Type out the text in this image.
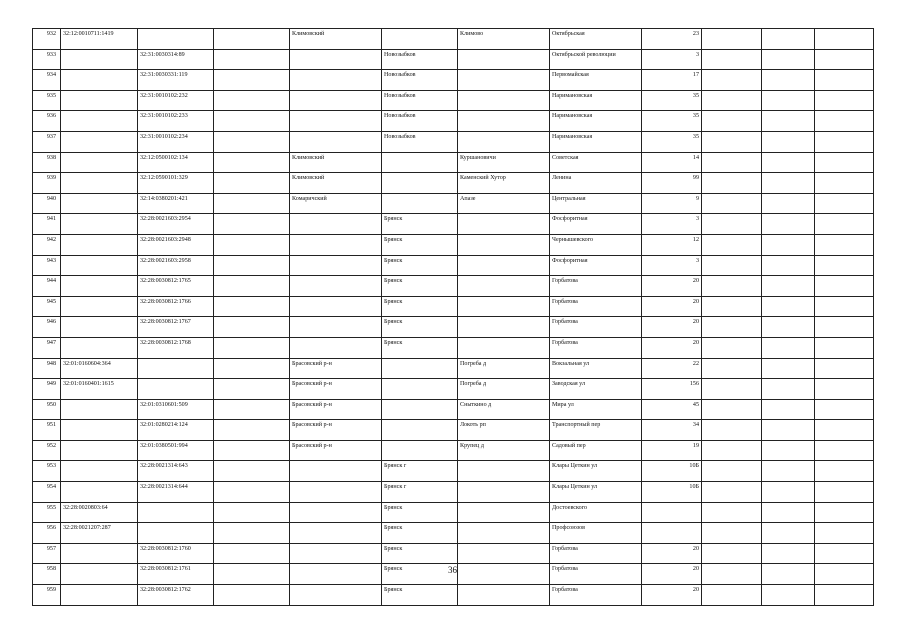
932	32:12:0010711:1419			Климовский		Климово	Октябрьская	23			
933		32:31:0030314:89			Новозыбков		Октябрьской революции	3			
934		32:31:0030331:119			Новозыбков		Первомайская	17			
935		32:31:0010102:232			Новозыбков		Наримановская	35			
936		32:31:0010102:233			Новозыбков		Наримановская	35			
937		32:31:0010102:234			Новозыбков		Наримановская	35			
938		32:12:0500102:134		Климовский		Куршановичи	Советская	14			
939		32:12:0590101:329		Климовский		Каменский Хутор	Ленина	99			
940		32:14:0380201:421		Комаричский		Апазе	Центральная	9			
941		32:28:0021603:2954			Брянск		Фосфоритная	3			
942		32:28:0021603:2948			Брянск		Чернышевского	12			
943		32:28:0021603:2958			Брянск		Фосфоритная	3			
944		32:28:0030812:1765			Брянск		Горбатова	20			
945		32:28:0030812:1766			Брянск		Горбатова	20			
946		32:28:0030812:1767			Брянск		Горбатова	20			
947		32:28:0030812:1768			Брянск		Горбатова	20			
948	32:01:0160604:364			Брасовский р-н		Погреба д	Вокзальная ул	22			
949	32:01:0160401:1615			Брасовский р-н		Погреба д	Заводская ул	156			
950		32:01:0310601:509		Брасовский р-н		Сныткино д	Мира ул	45			
951		32:01:0280214:124		Брасовский р-н		Локоть рп	Транспортный пер	34			
952		32:01:0380501:994		Брасовский р-н		Крупец д	Садовый пер	19			
953		32:28:0021314:643			Брянск г		Клары Цеткин ул	10Б			
954		32:28:0021314:644			Брянск г		Клары Цеткин ул	10Б			
955	32:28:0020803:64				Брянск		Достоевского				
956	32:28:0021207:287				Брянск		Профсоюзов				
957		32:28:0030812:1760			Брянск		Горбатова	20			
958		32:28:0030812:1761			Брянск		Горбатова	20			
959		32:28:0030812:1762			Брянск		Горбатова	20			
36
